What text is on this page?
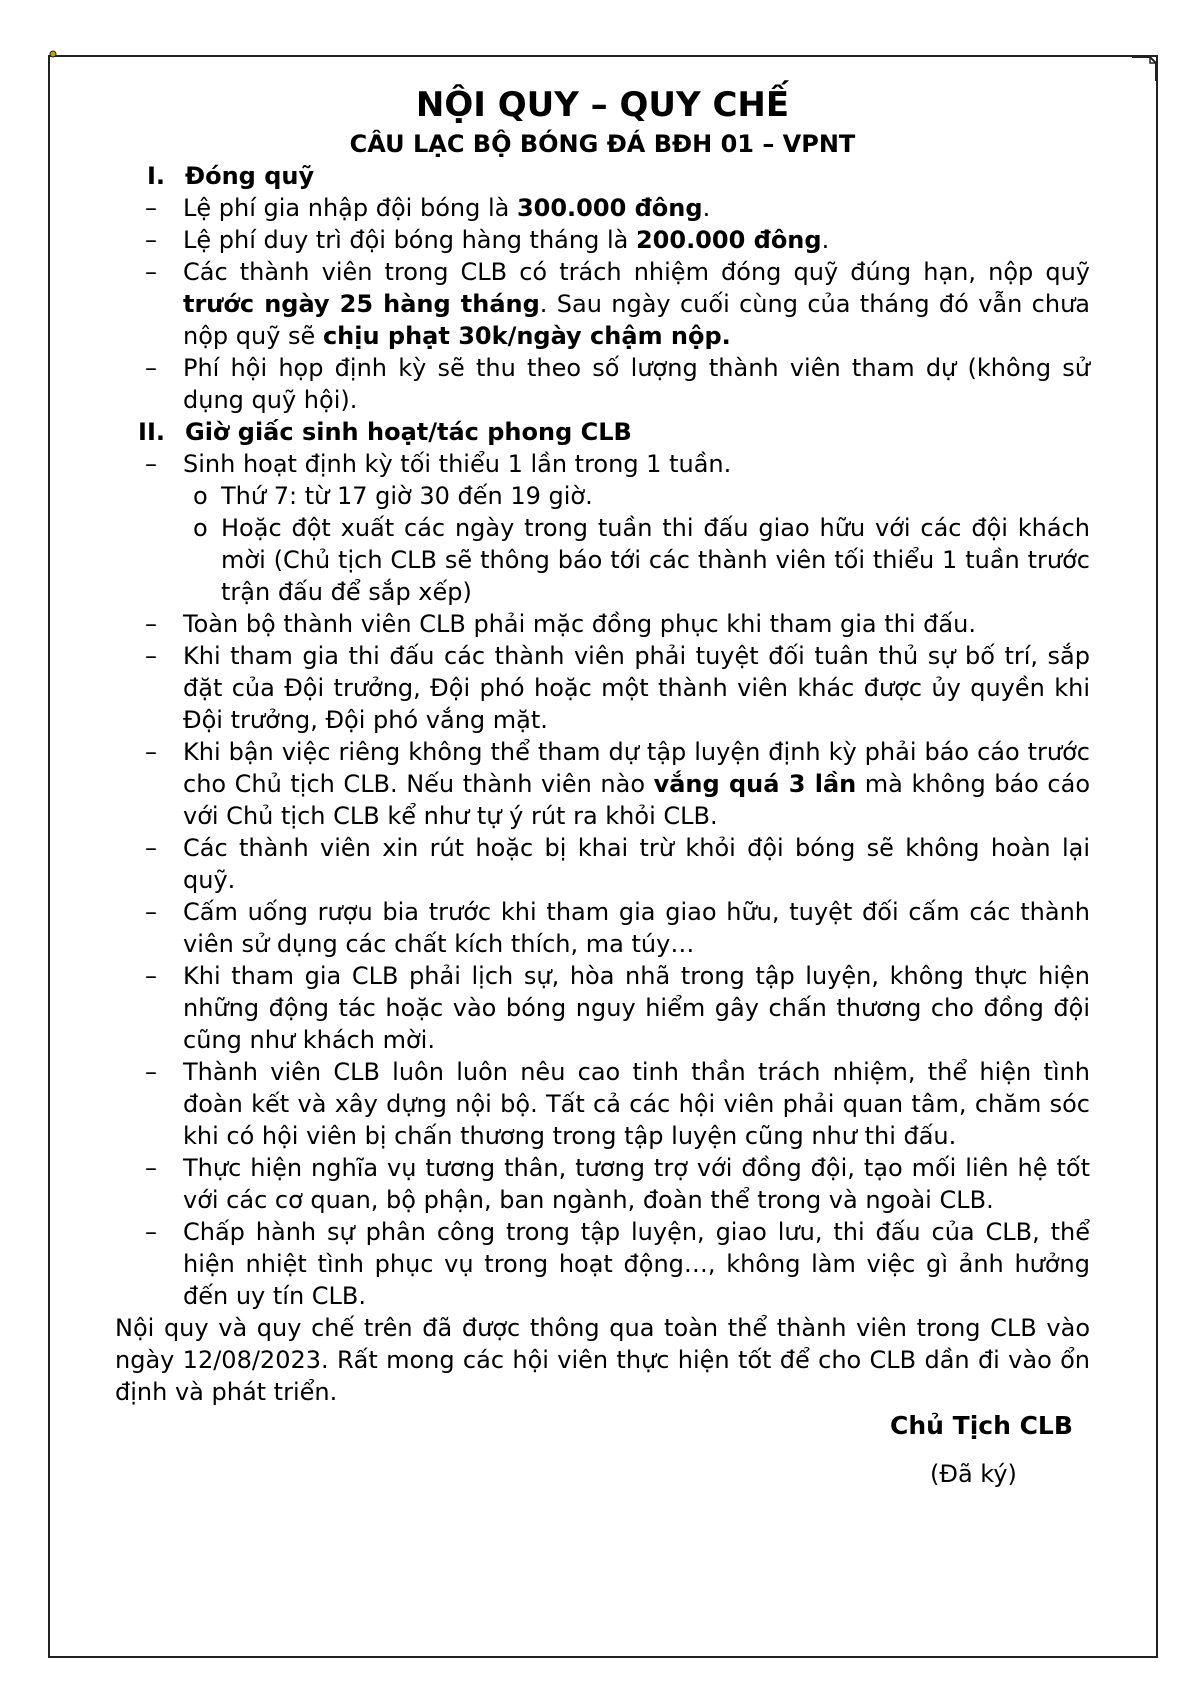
NỘI QUY – QUY CHẾ
CÂU LẠC BỘ BÓNG ĐÁ BĐH 01 – VPNT
I. Đóng quỹ
–	Lệ phí gia nhập đội bóng là 300.000 đông.
–	Lệ phí duy trì đội bóng hàng tháng là 200.000 đông.
–	Các thành viên trong CLB có trách nhiệm đóng quỹ đúng hạn, nộp quỹ trước ngày 25 hàng tháng. Sau ngày cuối cùng của tháng đó vẫn chưa nộp quỹ sẽ chịu phạt 30k/ngày chậm nộp.
–	Phí hội họp định kỳ sẽ thu theo số lượng thành viên tham dự (không sử dụng quỹ hội).
II. Giờ giấc sinh hoạt/tác phong CLB
–	Sinh hoạt định kỳ tối thiểu 1 lần trong 1 tuần.
o Thứ 7: từ 17 giờ 30 đến 19 giờ.
o Hoặc đột xuất các ngày trong tuần thi đấu giao hữu với các đội khách mời (Chủ tịch CLB sẽ thông báo tới các thành viên tối thiểu 1 tuần trước trận đấu để sắp xếp)
–	Toàn bộ thành viên CLB phải mặc đồng phục khi tham gia thi đấu.
–	Khi tham gia thi đấu các thành viên phải tuyệt đối tuân thủ sự bố trí, sắp đặt của Đội trưởng, Đội phó hoặc một thành viên khác được ủy quyền khi Đội trưởng, Đội phó vắng mặt.
–	Khi bận việc riêng không thể tham dự tập luyện định kỳ phải báo cáo trước cho Chủ tịch CLB. Nếu thành viên nào vắng quá 3 lần mà không báo cáo với Chủ tịch CLB kể như tự ý rút ra khỏi CLB.
–	Các thành viên xin rút hoặc bị khai trừ khỏi đội bóng sẽ không hoàn lại quỹ.
–	Cấm uống rượu bia trước khi tham gia giao hữu, tuyệt đối cấm các thành viên sử dụng các chất kích thích, ma túy…
–	Khi tham gia CLB phải lịch sự, hòa nhã trong tập luyện, không thực hiện những động tác hoặc vào bóng nguy hiểm gây chấn thương cho đồng đội cũng như khách mời.
–	Thành viên CLB luôn luôn nêu cao tinh thần trách nhiệm, thể hiện tình đoàn kết và xây dựng nội bộ. Tất cả các hội viên phải quan tâm, chăm sóc khi có hội viên bị chấn thương trong tập luyện cũng như thi đấu.
–	Thực hiện nghĩa vụ tương thân, tương trợ với đồng đội, tạo mối liên hệ tốt với các cơ quan, bộ phận, ban ngành, đoàn thể trong và ngoài CLB.
–	Chấp hành sự phân công trong tập luyện, giao lưu, thi đấu của CLB, thể hiện nhiệt tình phục vụ trong hoạt động…, không làm việc gì ảnh hưởng đến uy tín CLB.

Nội quy và quy chế trên đã được thông qua toàn thể thành viên trong CLB vào ngày 12/08/2023. Rất mong các hội viên thực hiện tốt để cho CLB dần đi vào ổn định và phát triển.

Chủ Tịch CLB
(Đã ký)
